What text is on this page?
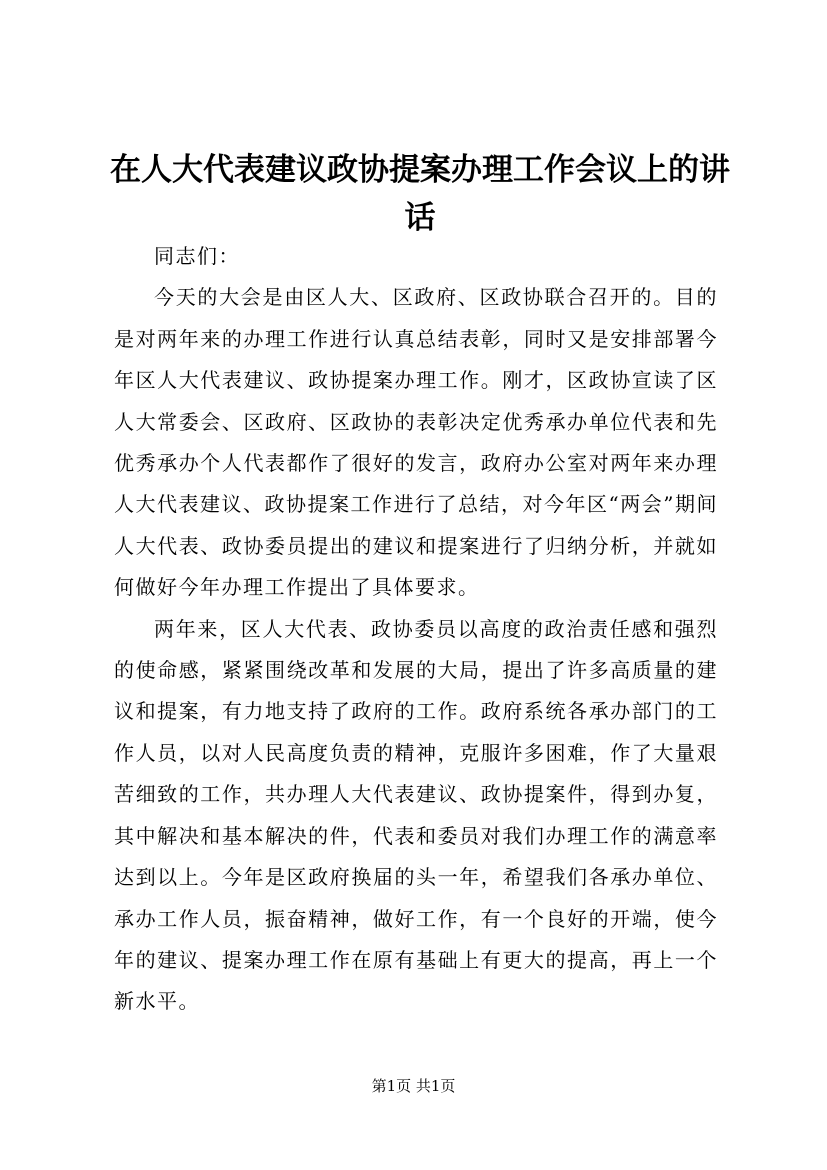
在人大代表建议政协提案办理工作会议上的讲话

同志们：

今天的大会是由区人大、区政府、区政协联合召开的。目的是对两年来的办理工作进行认真总结表彰，同时又是安排部署今年区人大代表建议、政协提案办理工作。刚才，区政协宣读了区人大常委会、区政府、区政协的表彰决定优秀承办单位代表和先优秀承办个人代表都作了很好的发言，政府办公室对两年来办理人大代表建议、政协提案工作进行了总结，对今年区“两会”期间人大代表、政协委员提出的建议和提案进行了归纳分析，并就如何做好今年办理工作提出了具体要求。

两年来，区人大代表、政协委员以高度的政治责任感和强烈的使命感，紧紧围绕改革和发展的大局，提出了许多高质量的建议和提案，有力地支持了政府的工作。政府系统各承办部门的工作人员，以对人民高度负责的精神，克服许多困难，作了大量艰苦细致的工作，共办理人大代表建议、政协提案件，得到办复，其中解决和基本解决的件，代表和委员对我们办理工作的满意率达到以上。今年是区政府换届的头一年，希望我们各承办单位、承办工作人员，振奋精神，做好工作，有一个良好的开端，使今年的建议、提案办理工作在原有基础上有更大的提高，再上一个新水平。

第1页 共1页
